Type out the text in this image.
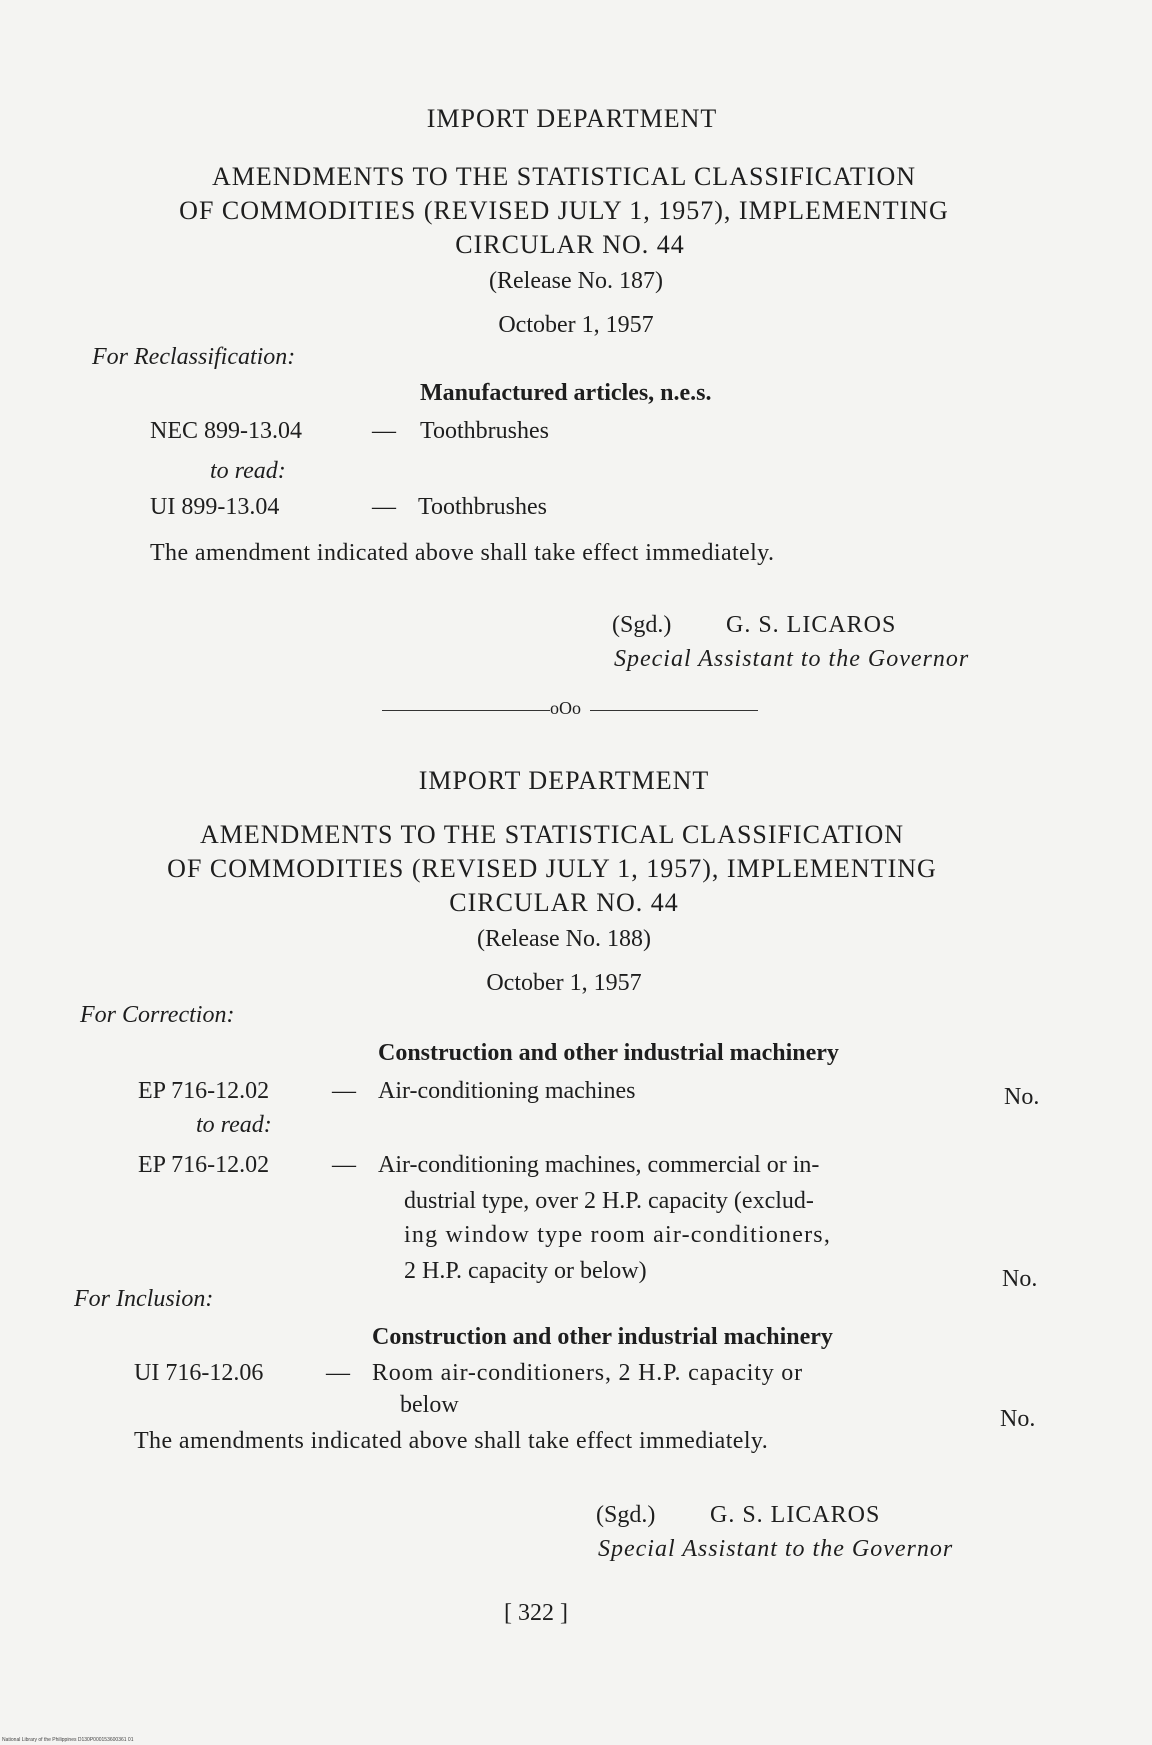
IMPORT DEPARTMENT
AMENDMENTS TO THE STATISTICAL CLASSIFICATION
OF COMMODITIES (REVISED JULY 1, 1957), IMPLEMENTING
CIRCULAR NO. 44
(Release No. 187)
October 1, 1957
For Reclassification:
Manufactured articles, n.e.s.
NEC 899-13.04	— Toothbrushes
to read:
UI 899-13.04	— Toothbrushes
The amendment indicated above shall take effect immediately.
(Sgd.) G. S. LICAROS
Special Assistant to the Governor
oOo
IMPORT DEPARTMENT
AMENDMENTS TO THE STATISTICAL CLASSIFICATION
OF COMMODITIES (REVISED JULY 1, 1957), IMPLEMENTING
CIRCULAR NO. 44
(Release No. 188)
October 1, 1957
For Correction:
Construction and other industrial machinery
EP 716-12.02	— Air-conditioning machines	No.
to read:
EP 716-12.02	— Air-conditioning machines, commercial or in-
dustrial type, over 2 H.P. capacity (exclud-
ing window type room air-conditioners,
2 H.P. capacity or below)	No.
For Inclusion:
Construction and other industrial machinery
UI 716-12.06	— Room air-conditioners, 2 H.P. capacity or
below
No.
The amendments indicated above shall take effect immediately.
(Sgd.) G. S. LICAROS
Special Assistant to the Governor
[ 322 ]
National Library of the Philippines D130P000153600361 01
